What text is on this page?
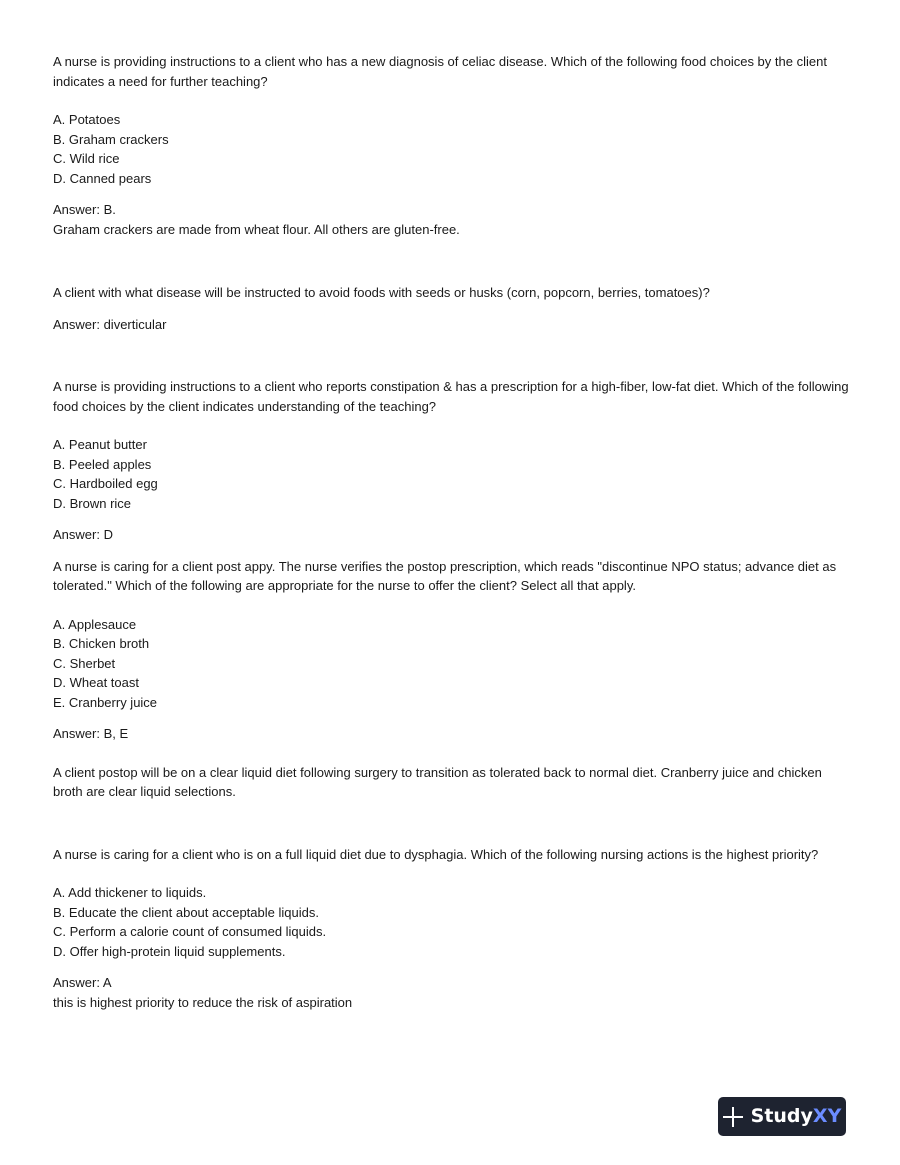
A nurse is providing instructions to a client who has a new diagnosis of celiac disease. Which of the following food choices by the client indicates a need for further teaching?

A. Potatoes
B. Graham crackers
C. Wild rice
D. Canned pears

Answer: B.

Graham crackers are made from wheat flour. All others are gluten-free.

A client with what disease will be instructed to avoid foods with seeds or husks (corn, popcorn, berries, tomatoes)?

Answer: diverticular

A nurse is providing instructions to a client who reports constipation & has a prescription for a high-fiber, low-fat diet. Which of the following food choices by the client indicates understanding of the teaching?

A. Peanut butter
B. Peeled apples
C. Hardboiled egg
D. Brown rice

Answer: D

A nurse is caring for a client post appy. The nurse verifies the postop prescription, which reads "discontinue NPO status; advance diet as tolerated." Which of the following are appropriate for the nurse to offer the client? Select all that apply.

A. Applesauce
B. Chicken broth
C. Sherbet
D. Wheat toast
E. Cranberry juice

Answer: B, E

A client postop will be on a clear liquid diet following surgery to transition as tolerated back to normal diet. Cranberry juice and chicken broth are clear liquid selections.

A nurse is caring for a client who is on a full liquid diet due to dysphagia. Which of the following nursing actions is the highest priority?

A. Add thickener to liquids.
B. Educate the client about acceptable liquids.
C. Perform a calorie count of consumed liquids.
D. Offer high-protein liquid supplements.

Answer: A

this is highest priority to reduce the risk of aspiration

Study XY
